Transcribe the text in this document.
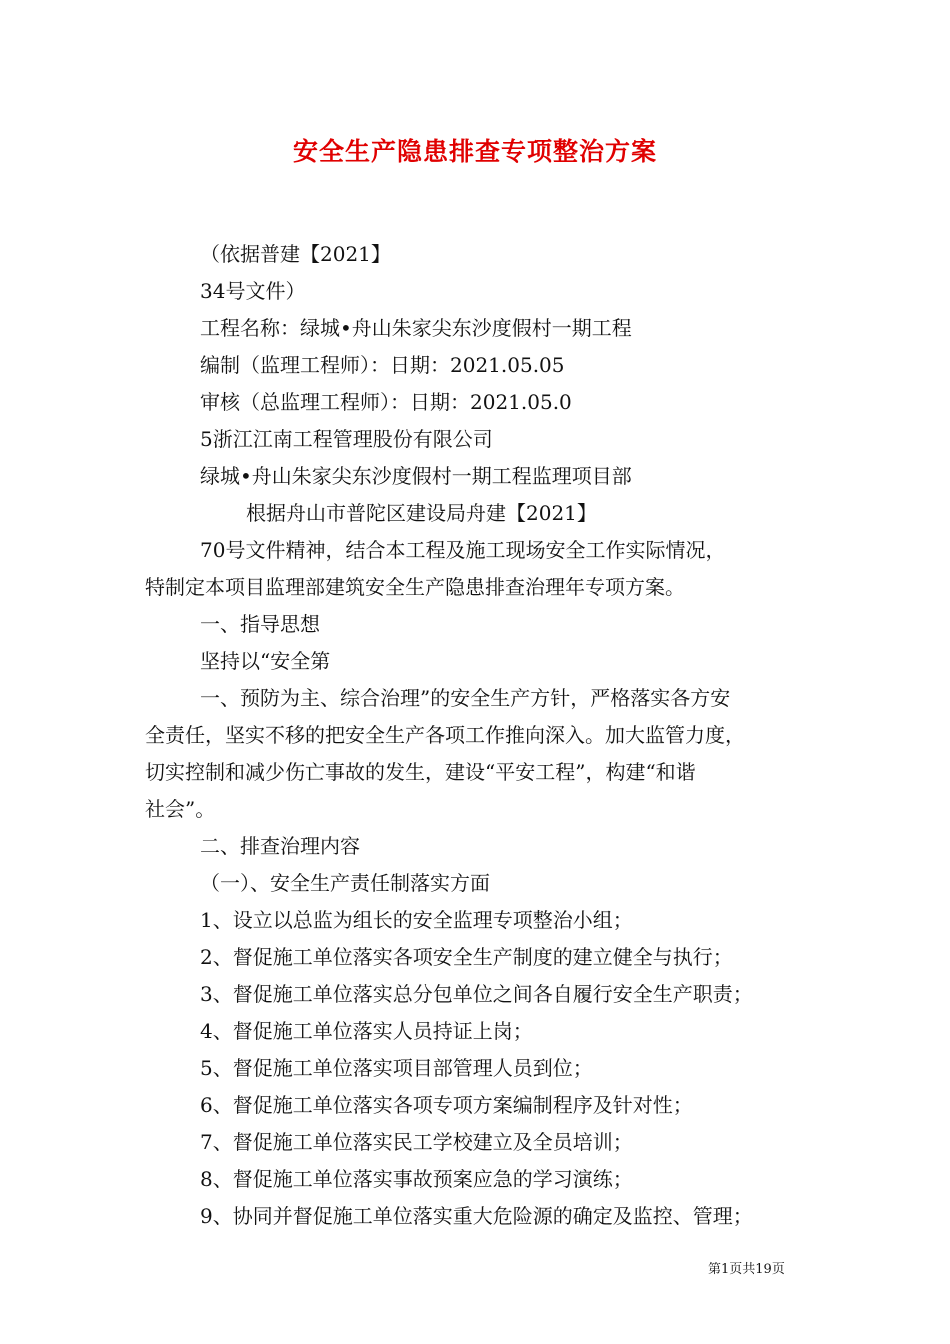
安全生产隐患排查专项整治方案
（依据普建【2021】
34号文件）
工程名称：绿城•舟山朱家尖东沙度假村一期工程
编制（监理工程师）：日期：2021.05.05
审核（总监理工程师）：日期：2021.05.0
5浙江江南工程管理股份有限公司
绿城•舟山朱家尖东沙度假村一期工程监理项目部
根据舟山市普陀区建设局舟建【2021】
70号文件精神，结合本工程及施工现场安全工作实际情况，
特制定本项目监理部建筑安全生产隐患排查治理年专项方案。
一、指导思想
坚持以“安全第
一、预防为主、综合治理”的安全生产方针，严格落实各方安
全责任，坚实不移的把安全生产各项工作推向深入。加大监管力度，
切实控制和减少伤亡事故的发生，建设“平安工程”，构建“和谐
社会”。
二、排查治理内容
（一）、安全生产责任制落实方面
1、设立以总监为组长的安全监理专项整治小组；
2、督促施工单位落实各项安全生产制度的建立健全与执行；
3、督促施工单位落实总分包单位之间各自履行安全生产职责；
4、督促施工单位落实人员持证上岗；
5、督促施工单位落实项目部管理人员到位；
6、督促施工单位落实各项专项方案编制程序及针对性；
7、督促施工单位落实民工学校建立及全员培训；
8、督促施工单位落实事故预案应急的学习演练；
9、协同并督促施工单位落实重大危险源的确定及监控、管理；
第1页共19页
